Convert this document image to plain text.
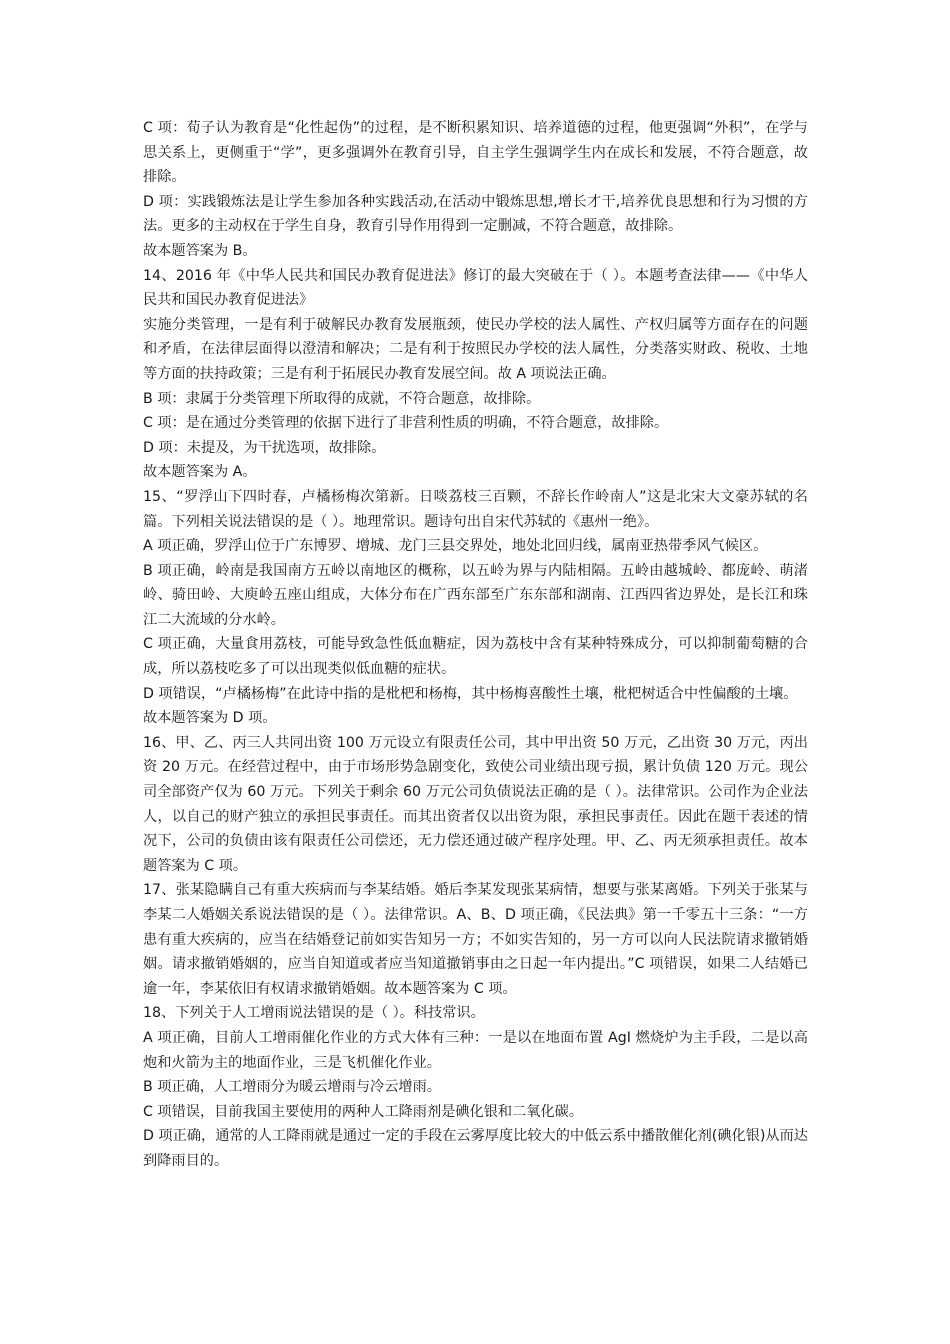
C 项：荀子认为教育是“化性起伪”的过程，是不断积累知识、培养道德的过程，他更强调“外积”，在学与思关系上，更侧重于“学”，更多强调外在教育引导，自主学生强调学生内在成长和发展，不符合题意，故排除。

D 项：实践锻炼法是让学生参加各种实践活动,在活动中锻炼思想,增长才干,培养优良思想和行为习惯的方法。更多的主动权在于学生自身，教育引导作用得到一定删减，不符合题意，故排除。

故本题答案为 B。

14、2016 年《中华人民共和国民办教育促进法》修订的最大突破在于（ ）。本题考查法律——《中华人民共和国民办教育促进法》

实施分类管理，一是有利于破解民办教育发展瓶颈，使民办学校的法人属性、产权归属等方面存在的问题和矛盾，在法律层面得以澄清和解决；二是有利于按照民办学校的法人属性，分类落实财政、税收、土地等方面的扶持政策；三是有利于拓展民办教育发展空间。故 A 项说法正确。

B 项：隶属于分类管理下所取得的成就，不符合题意，故排除。

C 项：是在通过分类管理的依据下进行了非营利性质的明确，不符合题意，故排除。

D 项：未提及，为干扰选项，故排除。

故本题答案为 A。

15、“罗浮山下四时春，卢橘杨梅次第新。日啖荔枝三百颗，不辞长作岭南人”这是北宋大文豪苏轼的名篇。下列相关说法错误的是（ ）。地理常识。题诗句出自宋代苏轼的《惠州一绝》。

A 项正确，罗浮山位于广东博罗、增城、龙门三县交界处，地处北回归线，属南亚热带季风气候区。

B 项正确，岭南是我国南方五岭以南地区的概称，以五岭为界与内陆相隔。五岭由越城岭、都庞岭、萌渚岭、骑田岭、大庾岭五座山组成，大体分布在广西东部至广东东部和湖南、江西四省边界处，是长江和珠江二大流域的分水岭。

C 项正确，大量食用荔枝，可能导致急性低血糖症，因为荔枝中含有某种特殊成分，可以抑制葡萄糖的合成，所以荔枝吃多了可以出现类似低血糖的症状。

D 项错误，“卢橘杨梅”在此诗中指的是枇杷和杨梅，其中杨梅喜酸性土壤，枇杷树适合中性偏酸的土壤。

故本题答案为 D 项。

16、甲、乙、丙三人共同出资 100 万元设立有限责任公司，其中甲出资 50 万元，乙出资 30 万元，丙出资 20 万元。在经营过程中，由于市场形势急剧变化，致使公司业绩出现亏损，累计负债 120 万元。现公司全部资产仅为 60 万元。下列关于剩余 60 万元公司负债说法正确的是（ ）。法律常识。公司作为企业法人，以自己的财产独立的承担民事责任。而其出资者仅以出资为限，承担民事责任。因此在题干表述的情况下，公司的负债由该有限责任公司偿还，无力偿还通过破产程序处理。甲、乙、丙无须承担责任。故本题答案为 C 项。

17、张某隐瞒自己有重大疾病而与李某结婚。婚后李某发现张某病情，想要与张某离婚。下列关于张某与李某二人婚姻关系说法错误的是（ ）。法律常识。A、B、D 项正确，《民法典》第一千零五十三条：“一方患有重大疾病的，应当在结婚登记前如实告知另一方；不如实告知的，另一方可以向人民法院请求撤销婚姻。请求撤销婚姻的，应当自知道或者应当知道撤销事由之日起一年内提出。”C 项错误，如果二人结婚已逾一年，李某依旧有权请求撤销婚姻。故本题答案为 C 项。

18、下列关于人工增雨说法错误的是（ ）。科技常识。

A 项正确，目前人工增雨催化作业的方式大体有三种：一是以在地面布置 AgI 燃烧炉为主手段，二是以高炮和火箭为主的地面作业，三是飞机催化作业。

B 项正确，人工增雨分为暖云增雨与冷云增雨。

C 项错误，目前我国主要使用的两种人工降雨剂是碘化银和二氧化碳。

D 项正确，通常的人工降雨就是通过一定的手段在云雾厚度比较大的中低云系中播散催化剂(碘化银)从而达到降雨目的。
